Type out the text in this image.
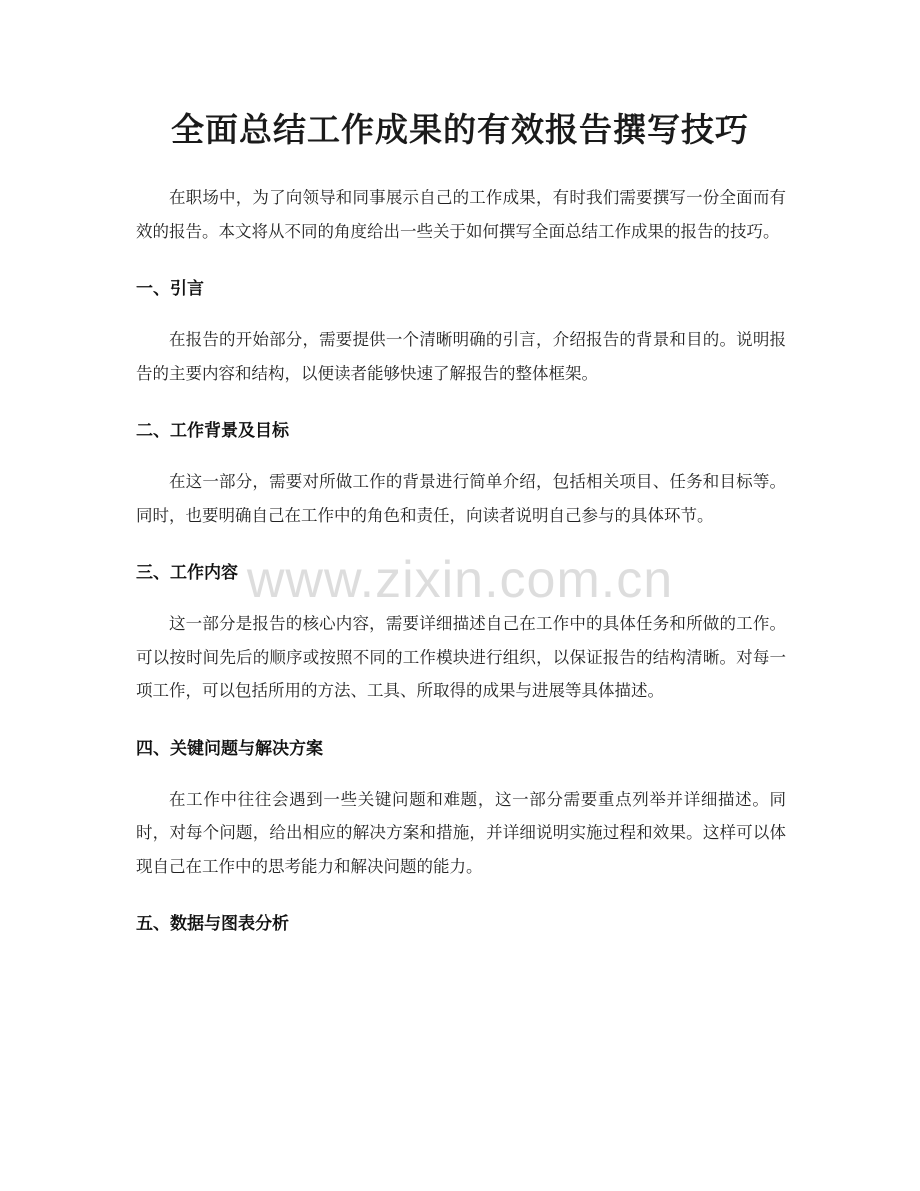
全面总结工作成果的有效报告撰写技巧

在职场中，为了向领导和同事展示自己的工作成果，有时我们需要撰写一份全面而有效的报告。本文将从不同的角度给出一些关于如何撰写全面总结工作成果的报告的技巧。

一、引言

在报告的开始部分，需要提供一个清晰明确的引言，介绍报告的背景和目的。说明报告的主要内容和结构，以便读者能够快速了解报告的整体框架。

二、工作背景及目标

在这一部分，需要对所做工作的背景进行简单介绍，包括相关项目、任务和目标等。同时，也要明确自己在工作中的角色和责任，向读者说明自己参与的具体环节。

三、工作内容

这一部分是报告的核心内容，需要详细描述自己在工作中的具体任务和所做的工作。可以按时间先后的顺序或按照不同的工作模块进行组织，以保证报告的结构清晰。对每一项工作，可以包括所用的方法、工具、所取得的成果与进展等具体描述。

四、关键问题与解决方案

在工作中往往会遇到一些关键问题和难题，这一部分需要重点列举并详细描述。同时，对每个问题，给出相应的解决方案和措施，并详细说明实施过程和效果。这样可以体现自己在工作中的思考能力和解决问题的能力。

五、数据与图表分析
www.zixin.com.cn
